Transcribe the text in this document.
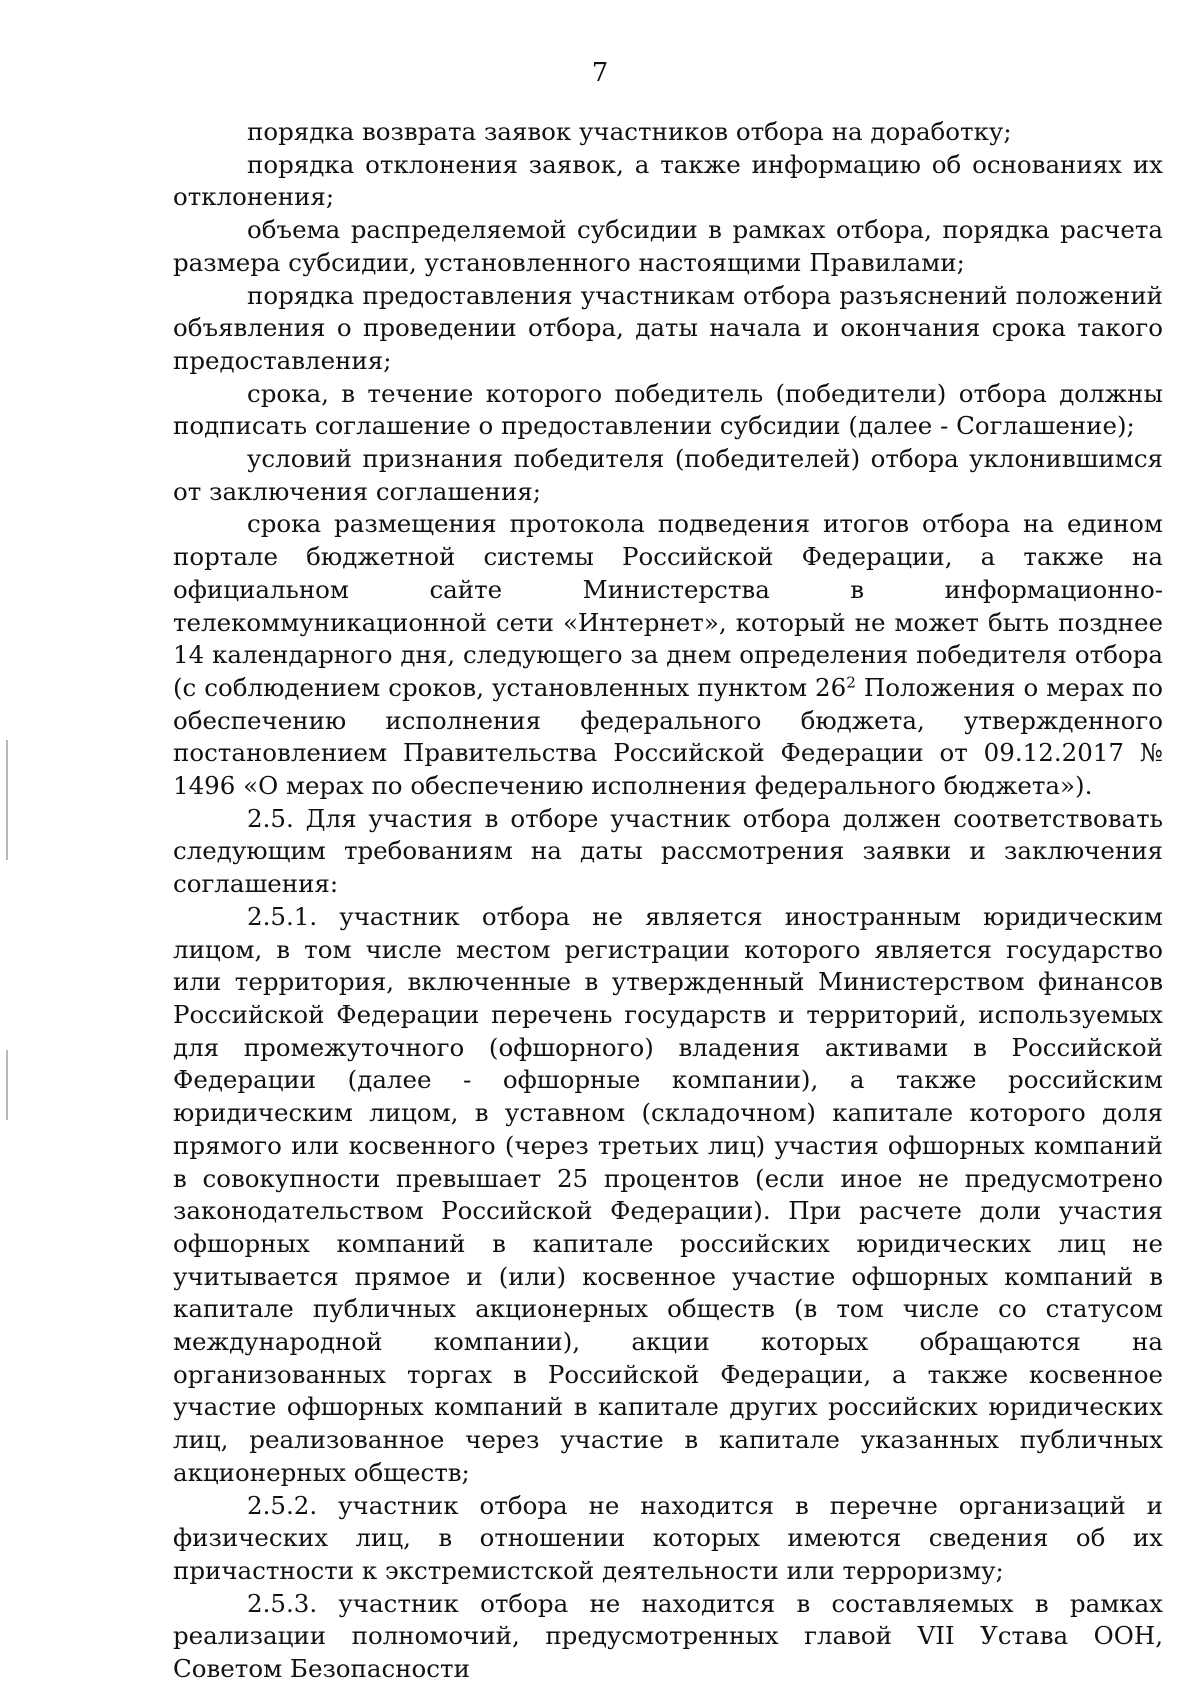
7

порядка возврата заявок участников отбора на доработку;

порядка отклонения заявок, а также информацию об основаниях их отклонения;

объема распределяемой субсидии в рамках отбора, порядка расчета размера субсидии, установленного настоящими Правилами;

порядка предоставления участникам отбора разъяснений положений объявления о проведении отбора, даты начала и окончания срока такого предоставления;

срока, в течение которого победитель (победители) отбора должны подписать соглашение о предоставлении субсидии (далее - Соглашение);

условий признания победителя (победителей) отбора уклонившимся от заключения соглашения;

срока размещения протокола подведения итогов отбора на едином портале бюджетной системы Российской Федерации, а также на официальном сайте Министерства в информационно-телекоммуникационной сети «Интернет», который не может быть позднее 14 календарного дня, следующего за днем определения победителя отбора (с соблюдением сроков, установленных пунктом $26^2$ Положения о мерах по обеспечению исполнения федерального бюджета, утвержденного постановлением Правительства Российской Федерации от 09.12.2017 № 1496 «О мерах по обеспечению исполнения федерального бюджета»).

2.5. Для участия в отборе участник отбора должен соответствовать следующим требованиям на даты рассмотрения заявки и заключения соглашения:

2.5.1. участник отбора не является иностранным юридическим лицом, в том числе местом регистрации которого является государство или территория, включенные в утвержденный Министерством финансов Российской Федерации перечень государств и территорий, используемых для промежуточного (офшорного) владения активами в Российской Федерации (далее - офшорные компании), а также российским юридическим лицом, в уставном (складочном) капитале которого доля прямого или косвенного (через третьих лиц) участия офшорных компаний в совокупности превышает 25 процентов (если иное не предусмотрено законодательством Российской Федерации). При расчете доли участия офшорных компаний в капитале российских юридических лиц не учитывается прямое и (или) косвенное участие офшорных компаний в капитале публичных акционерных обществ (в том числе со статусом международной компании), акции которых обращаются на организованных торгах в Российской Федерации, а также косвенное участие офшорных компаний в капитале других российских юридических лиц, реализованное через участие в капитале указанных публичных акционерных обществ;

2.5.2. участник отбора не находится в перечне организаций и физических лиц, в отношении которых имеются сведения об их причастности к экстремистской деятельности или терроризму;

2.5.3. участник отбора не находится в составляемых в рамках реализации полномочий, предусмотренных главой VII Устава ООН, Советом Безопасности
